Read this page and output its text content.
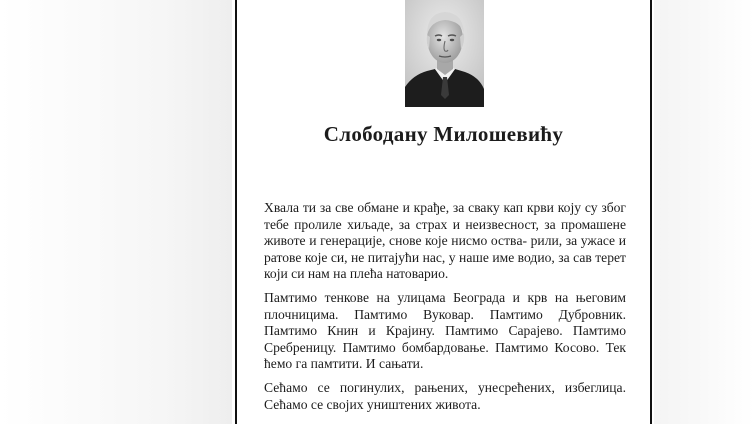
Слободану Милошевићу

Хвала ти за све обмане и крађе, за сваку кап крви коју су због тебе пролиле хиљаде, за страх и неизвесност, за промашене животе и генерације, снове које нисмо оствa- рили, за ужасе и ратове које си, не питајући нас, у наше име водио, за сав терет који си нам на плећа натоварио.

Памтимо тенкове на улицама Београда и крв на његовим плочницима. Памтимо Вуковар. Памтимо Дубровник. Памтимо Книн и Крајину. Памтимо Сарајево. Памтимо Сребреницу. Памтимо бомбардовање. Памтимо Косово. Тек ћемо га памтити. И сањати.

Сећамо се погинулих, рањених, унесрећених, избеглица. Сећамо се својих уништених живота.
